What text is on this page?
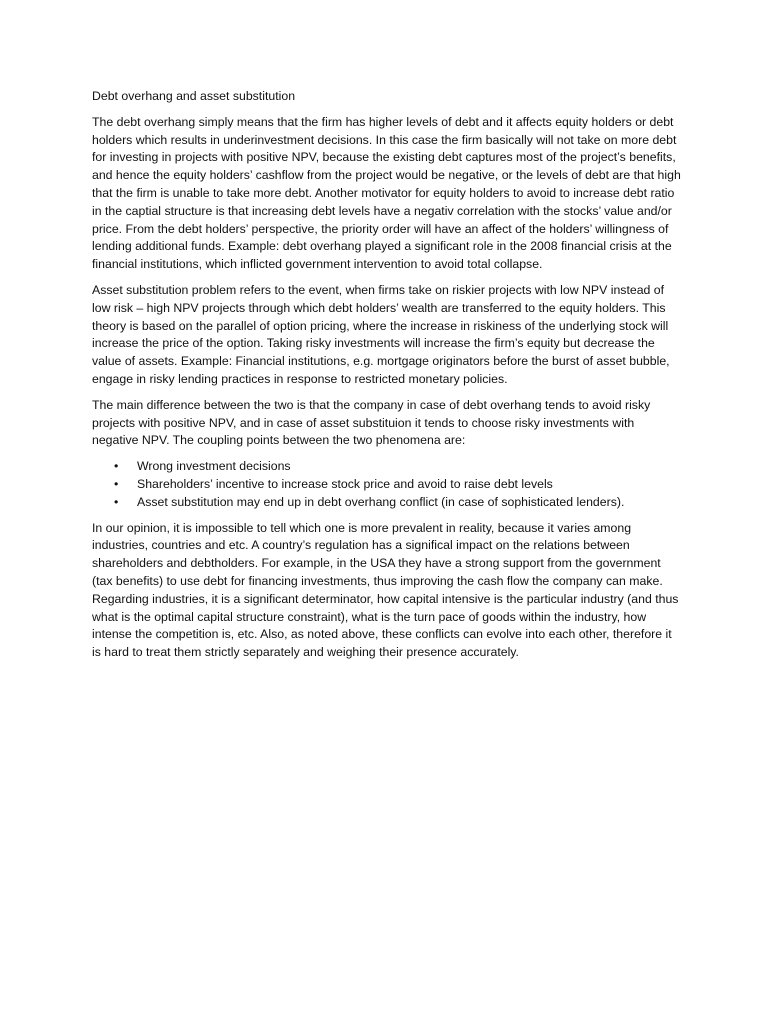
Debt overhang and asset substitution

The debt overhang simply means that the firm has higher levels of debt and it affects equity holders or debt holders which results in underinvestment decisions. In this case the firm basically will not take on more debt for investing in projects with positive NPV, because the existing debt captures most of the project’s benefits, and hence the equity holders’ cashflow from the project would be negative, or the levels of debt are that high that the firm is unable to take more debt. Another motivator for equity holders to avoid to increase debt ratio in the captial structure is that increasing debt levels have a negativ correlation with the stocks’ value and/or price. From the debt holders’ perspective, the priority order will have an affect of the holders’ willingness of lending additional funds. Example: debt overhang played a significant role in the 2008 financial crisis at the financial institutions, which inflicted government intervention to avoid total collapse.

Asset substitution problem refers to the event, when firms take on riskier projects with low NPV instead of low risk – high NPV projects through which debt holders’ wealth are transferred to the equity holders. This theory is based on the parallel of option pricing, where the increase in riskiness of the underlying stock will increase the price of the option. Taking risky investments will increase the firm’s equity but decrease the value of assets. Example: Financial institutions, e.g. mortgage originators before the burst of asset bubble, engage in risky lending practices in response to restricted monetary policies.

The main difference between the two is that the company in case of debt overhang tends to avoid risky projects with positive NPV, and in case of asset substituion it tends to choose risky investments with negative NPV. The coupling points between the two phenomena are:

• Wrong investment decisions
• Shareholders’ incentive to increase stock price and avoid to raise debt levels
• Asset substitution may end up in debt overhang conflict (in case of sophisticated lenders).

In our opinion, it is impossible to tell which one is more prevalent in reality, because it varies among industries, countries and etc. A country’s regulation has a significal impact on the relations between shareholders and debtholders. For example, in the USA they have a strong support from the government (tax benefits) to use debt for financing investments, thus improving the cash flow the company can make. Regarding industries, it is a significant determinator, how capital intensive is the particular industry (and thus what is the optimal capital structure constraint), what is the turn pace of goods within the industry, how intense the competition is, etc. Also, as noted above, these conflicts can evolve into each other, therefore it is hard to treat them strictly separately and weighing their presence accurately.
